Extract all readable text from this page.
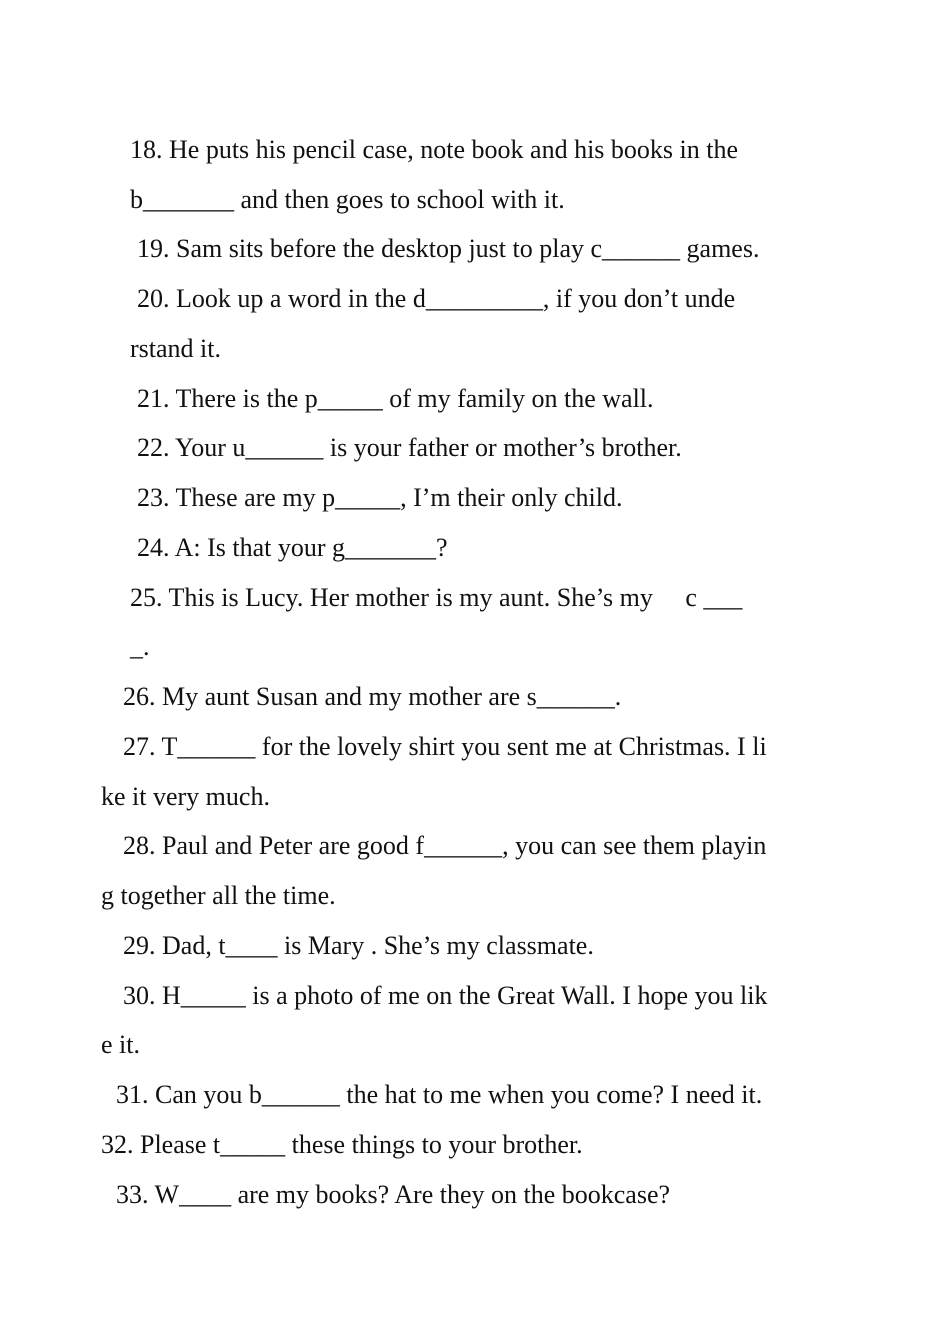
18. He puts his pencil case, note book and his books in the
b_______ and then goes to school with it.
19. Sam sits before the desktop just to play c______ games.
20. Look up a word in the d_________, if you don’t unde
rstand it.
21. There is the p_____ of my family on the wall.
22. Your u______ is your father or mother’s brother.
23. These are my p_____, I’m their only child.
24. A: Is that your g_______?
25. This is Lucy. Her mother is my aunt. She’s my     c ___
_.
26. My aunt Susan and my mother are s______.
27. T______ for the lovely shirt you sent me at Christmas. I li
ke it very much.
28. Paul and Peter are good f______, you can see them playin
g together all the time.
29. Dad, t____ is Mary . She’s my classmate.
30. H_____ is a photo of me on the Great Wall. I hope you lik
e it.
31. Can you b______ the hat to me when you come? I need it.
32. Please t_____ these things to your brother.
33. W____ are my books? Are they on the bookcase?
